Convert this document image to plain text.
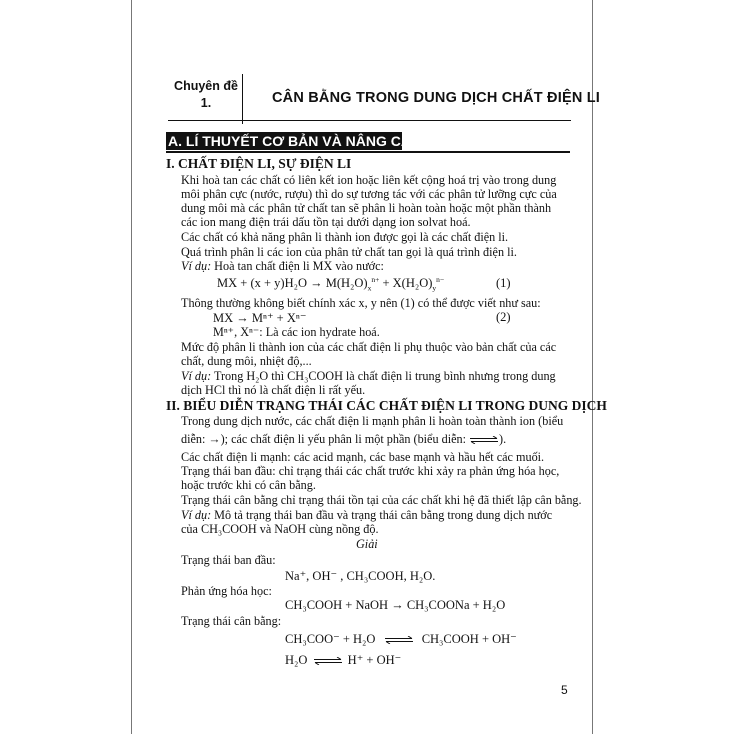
Chuyên đề
1.	CÂN BẰNG TRONG DUNG DỊCH CHẤT ĐIỆN LI
A. LÍ THUYẾT CƠ BẢN VÀ NÂNG CAO
I. CHẤT ĐIỆN LI, SỰ ĐIỆN LI
Khi hoà tan các chất có liên kết ion hoặc liên kết cộng hoá trị vào trong dung
môi phân cực (nước, rượu) thì do sự tương tác với các phân tử lưỡng cực của
dung môi mà các phân tử chất tan sẽ phân li hoàn toàn hoặc một phần thành
các ion mang điện trái dấu tồn tại dưới dạng ion solvat hoá.
Các chất có khả năng phân li thành ion được gọi là các chất điện li.
Quá trình phân li các ion của phân tử chất tan gọi là quá trình điện li.
Ví dụ: Hoà tan chất điện li MX vào nước:
MX + $(x + y)H_2O \to M(H_2O)_x^{n+} + X(H_2O)_y^{n-}$	(1)
Thông thường không biết chính xác x, y nên (1) có thể được viết như sau:
MX → Mⁿ⁺ + Xⁿ⁻	(2)
Mⁿ⁺, Xⁿ⁻: Là các ion hydrate hoá.
Mức độ phân li thành ion của các chất điện li phụ thuộc vào bản chất của các
chất, dung môi, nhiệt độ,...
Ví dụ: Trong H₂O thì CH₃COOH là chất điện li trung bình nhưng trong dung
dịch HCl thì nó là chất điện li rất yếu.
II. BIỂU DIỄN TRẠNG THÁI CÁC CHẤT ĐIỆN LI TRONG DUNG DỊCH
Trong dung dịch nước, các chất điện li mạnh phân li hoàn toàn thành ion (biểu
diễn: →); các chất điện li yếu phân li một phần (biểu diễn: ⇌).
Các chất điện li mạnh: các acid mạnh, các base mạnh và hầu hết các muối.
Trạng thái ban đầu: chỉ trạng thái các chất trước khi xảy ra phản ứng hóa học,
hoặc trước khi có cân bằng.
Trạng thái cân bằng chỉ trạng thái tồn tại của các chất khi hệ đã thiết lập cân bằng.
Ví dụ: Mô tả trạng thái ban đầu và trạng thái cân bằng trong dung dịch nước
của CH₃COOH và NaOH cùng nồng độ.
Giải
Trạng thái ban đầu:
Na⁺, OH⁻ , CH₃COOH, H₂O.
Phản ứng hóa học:
CH₃COOH + NaOH → CH₃COONa + H₂O
Trạng thái cân bằng:
CH₃COO⁻ + H₂O ⇌ CH₃COOH + OH⁻
H₂O ⇌ H⁺ + OH⁻
5
